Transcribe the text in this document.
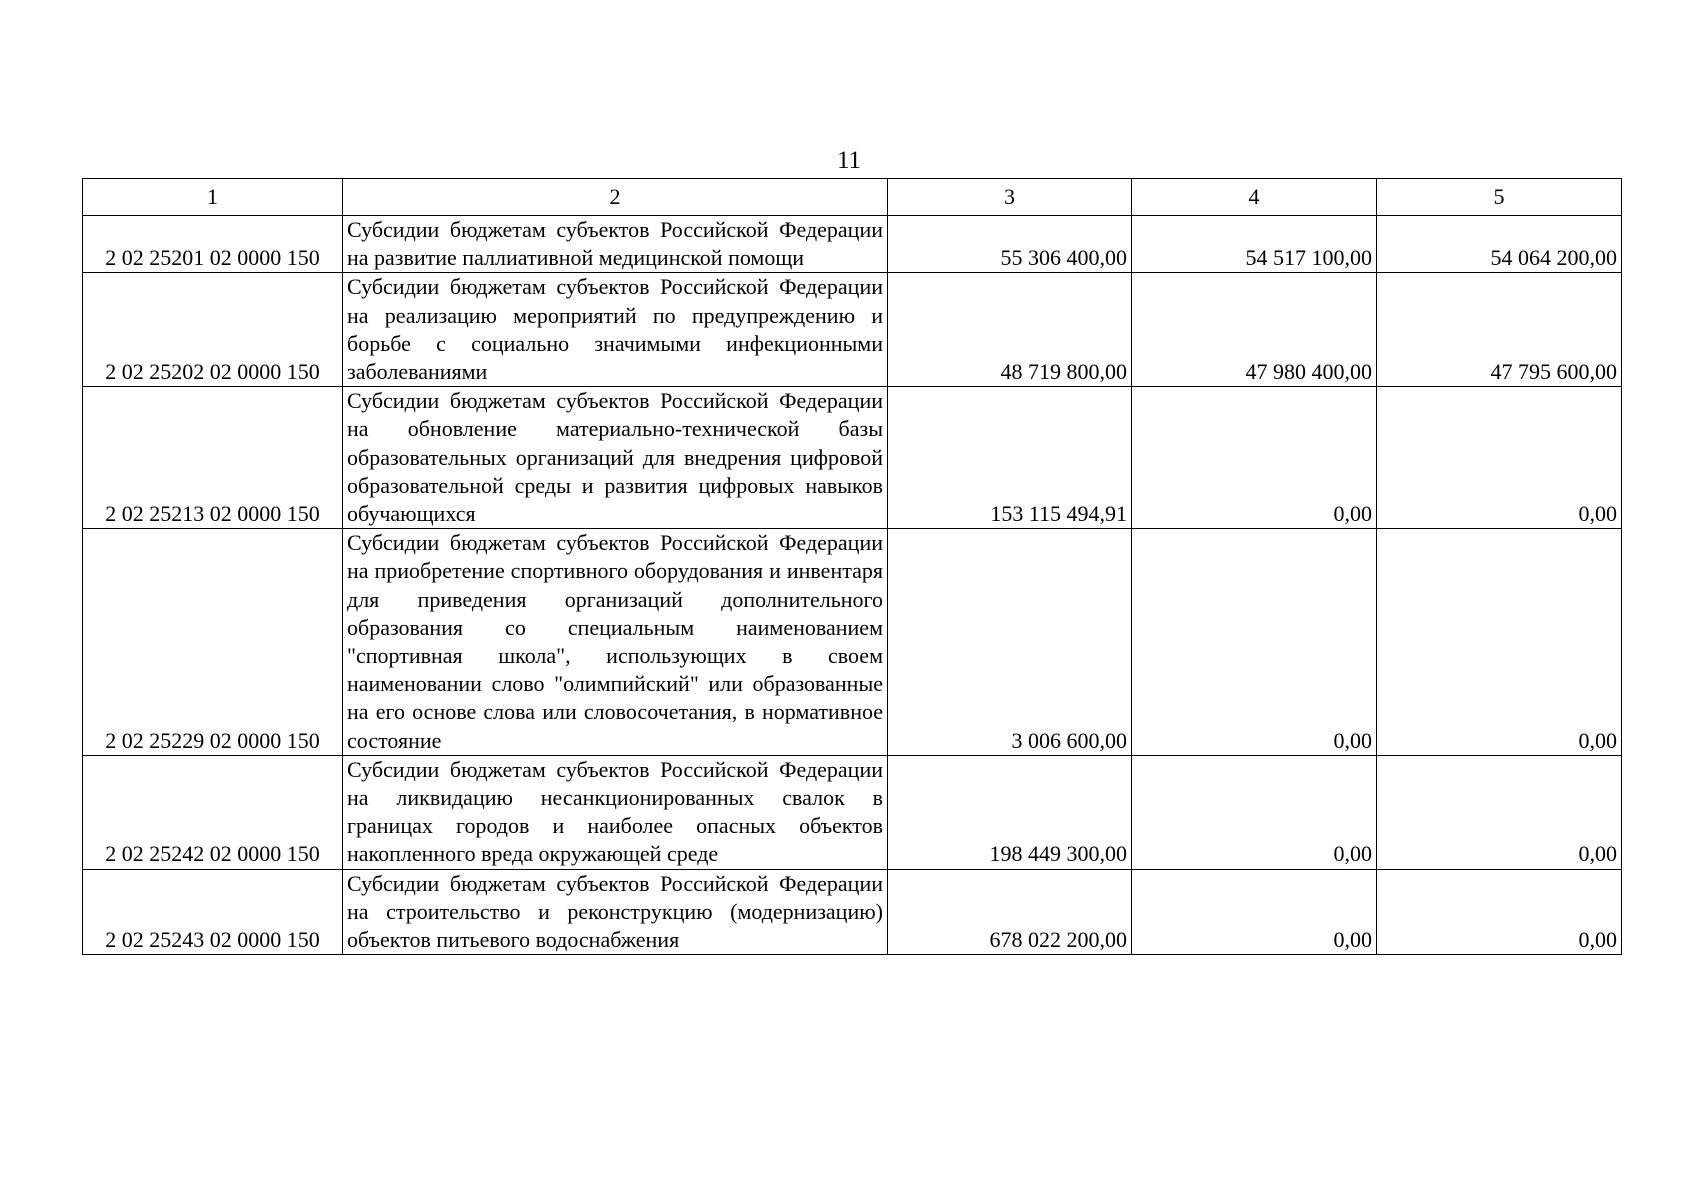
11
1	2	3	4	5
2 02 25201 02 0000 150	Субсидии бюджетам субъектов Российской Федерации на развитие паллиативной медицинской помощи	55 306 400,00	54 517 100,00	54 064 200,00
2 02 25202 02 0000 150	Субсидии бюджетам субъектов Российской Федерации на реализацию мероприятий по предупреждению и борьбе с социально значимыми инфекционными заболеваниями	48 719 800,00	47 980 400,00	47 795 600,00
2 02 25213 02 0000 150	Субсидии бюджетам субъектов Российской Федерации на обновление материально-технической базы образовательных организаций для внедрения цифровой образовательной среды и развития цифровых навыков обучающихся	153 115 494,91	0,00	0,00
2 02 25229 02 0000 150	Субсидии бюджетам субъектов Российской Федерации на приобретение спортивного оборудования и инвентаря для приведения организаций дополнительного образования со специальным наименованием "спортивная школа", использующих в своем наименовании слово "олимпийский" или образованные на его основе слова или словосочетания, в нормативное состояние	3 006 600,00	0,00	0,00
2 02 25242 02 0000 150	Субсидии бюджетам субъектов Российской Федерации на ликвидацию несанкционированных свалок в границах городов и наиболее опасных объектов накопленного вреда окружающей среде	198 449 300,00	0,00	0,00
2 02 25243 02 0000 150	Субсидии бюджетам субъектов Российской Федерации на строительство и реконструкцию (модернизацию) объектов питьевого водоснабжения	678 022 200,00	0,00	0,00
